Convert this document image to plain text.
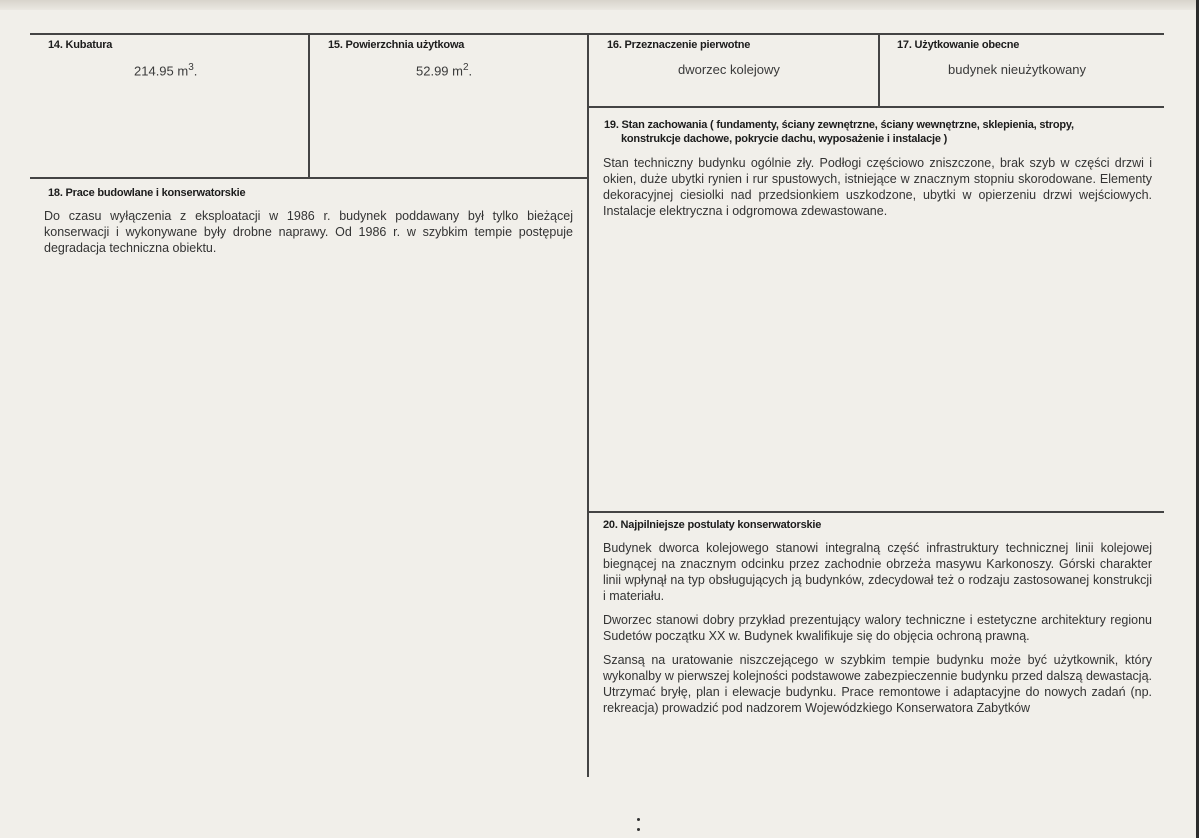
14. Kubatura
214.95 $m^3$.
15. Powierzchnia użytkowa
52.99 $m^2$.
16. Przeznaczenie pierwotne
dworzec kolejowy
17. Użytkowanie obecne
budynek nieużytkowany
19. Stan zachowania ( fundamenty, ściany zewnętrzne, ściany wewnętrzne, sklepienia, stropy,
konstrukcje dachowe, pokrycie dachu, wyposażenie i instalacje )

Stan techniczny budynku ogólnie zły. Podłogi częściowo zniszczone, brak szyb w części drzwi i okien, duże ubytki rynien i rur spustowych, istniejące w znacznym stopniu skorodowane. Elementy dekoracyjnej ciesiolki nad przedsionkiem uszkodzone, ubytki w opierzeniu drzwi wejściowych. Instalacje elektryczna i odgromowa zdewastowane.

18. Prace budowlane i konserwatorskie

Do czasu wyłączenia z eksploatacji w 1986 r. budynek poddawany był tylko bieżącej konserwacji i wykonywane były drobne naprawy. Od 1986 r. w szybkim tempie postępuje degradacja techniczna obiektu.

20. Najpilniejsze postulaty konserwatorskie

Budynek dworca kolejowego stanowi integralną część infrastruktury technicznej linii kolejowej biegnącej na znacznym odcinku przez zachodnie obrzeża masywu Karkonoszy. Górski charakter linii wpłynął na typ obsługujących ją budynków, zdecydował też o rodzaju zastosowanej konstrukcji i materiału.

Dworzec stanowi dobry przykład prezentujący walory techniczne i estetyczne architektury regionu Sudetów początku XX w. Budynek kwalifikuje się do objęcia ochroną prawną.

Szansą na uratowanie niszczejącego w szybkim tempie budynku może być użytkownik, który wykonalby w pierwszej kolejności podstawowe zabezpieczennie budynku przed dalszą dewastacją. Utrzymać bryłę, plan i elewacje budynku. Prace remontowe i adaptacyjne do nowych zadań (np. rekreacja) prowadzić pod nadzorem Wojewódzkiego Konserwatora Zabytków
